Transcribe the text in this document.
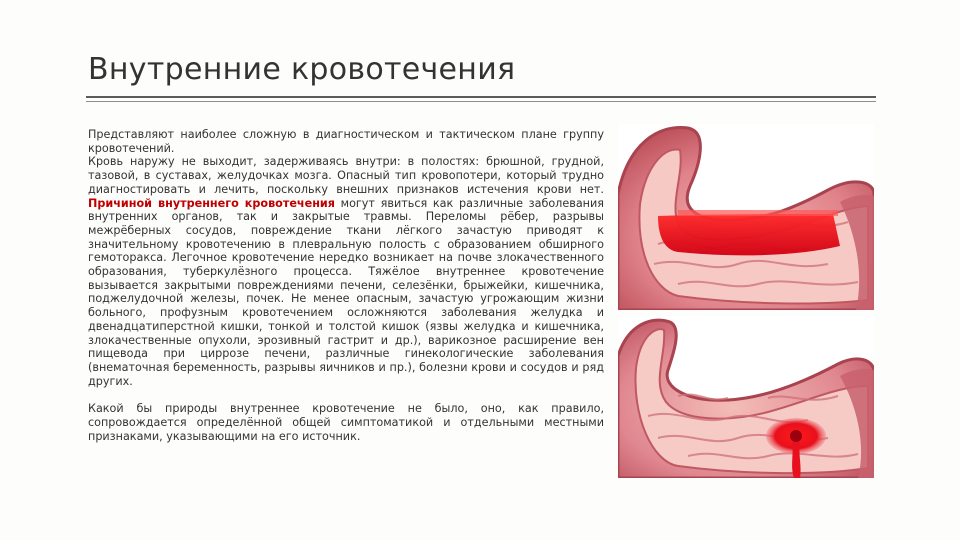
Внутренние кровотечения

Представляют наиболее сложную в диагностическом и тактическом плане группу кровотечений.

Кровь наружу не выходит, задерживаясь внутри: в полостях: брюшной, грудной, тазовой, в суставах, желудочках мозга. Опасный тип кровопотери, который трудно диагностировать и лечить, поскольку внешних признаков истечения крови нет. Причиной внутреннего кровотечения могут явиться как различные заболевания внутренних органов, так и закрытые травмы. Переломы рёбер, разрывы межрёберных сосудов, повреждение ткани лёгкого зачастую приводят к значительному кровотечению в плевральную полость с образованием обширного гемоторакса. Легочное кровотечение нередко возникает на почве злокачественного образования, туберкулёзного процесса. Тяжёлое внутреннее кровотечение вызывается закрытыми повреждениями печени, селезёнки, брыжейки, кишечника, поджелудочной железы, почек. Не менее опасным, зачастую угрожающим жизни больного, профузным кровотечением осложняются заболевания желудка и двенадцатиперстной кишки, тонкой и толстой кишок (язвы желудка и кишечника, злокачественные опухоли, эрозивный гастрит и др.), варикозное расширение вен пищевода при циррозе печени, различные гинекологические заболевания (внематочная беременность, разрывы яичников и пр.), болезни крови и сосудов и ряд других.

Какой бы природы внутреннее кровотечение не было, оно, как правило, сопровождается определённой общей симптоматикой и отдельными местными признаками, указывающими на его источник.
